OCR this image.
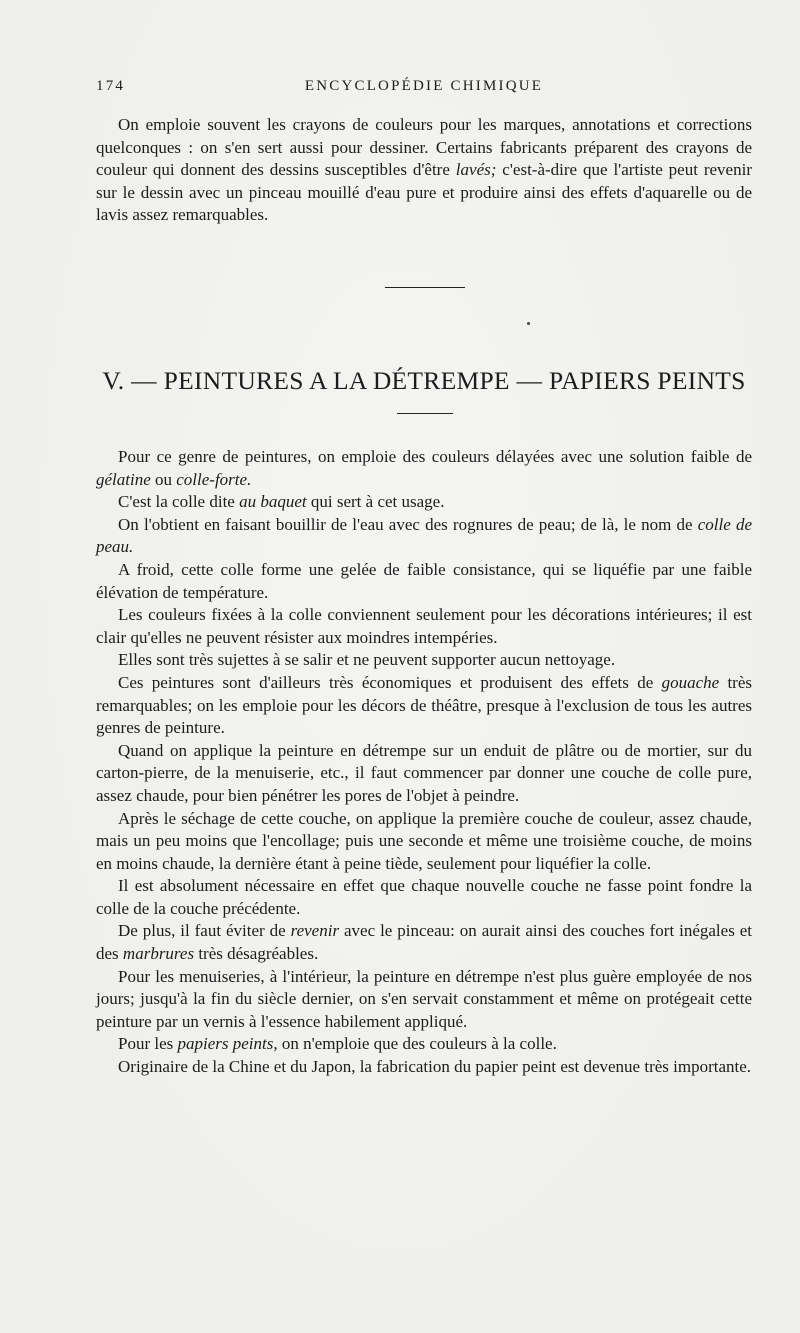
174	ENCYCLOPÉDIE CHIMIQUE

On emploie souvent les crayons de couleurs pour les marques, annotations et corrections quelconques : on s'en sert aussi pour dessiner. Certains fabricants préparent des crayons de couleur qui donnent des dessins susceptibles d'être lavés; c'est-à-dire que l'artiste peut revenir sur le dessin avec un pinceau mouillé d'eau pure et produire ainsi des effets d'aquarelle ou de lavis assez remarquables.

V. — PEINTURES A LA DÉTREMPE — PAPIERS PEINTS

Pour ce genre de peintures, on emploie des couleurs délayées avec une solution faible de gélatine ou colle-forte.

C'est la colle dite au baquet qui sert à cet usage.

On l'obtient en faisant bouillir de l'eau avec des rognures de peau; de là, le nom de colle de peau.

A froid, cette colle forme une gelée de faible consistance, qui se liquéfie par une faible élévation de température.

Les couleurs fixées à la colle conviennent seulement pour les décorations intérieures; il est clair qu'elles ne peuvent résister aux moindres intempéries.

Elles sont très sujettes à se salir et ne peuvent supporter aucun nettoyage.

Ces peintures sont d'ailleurs très économiques et produisent des effets de gouache très remarquables; on les emploie pour les décors de théâtre, presque à l'exclusion de tous les autres genres de peinture.

Quand on applique la peinture en détrempe sur un enduit de plâtre ou de mortier, sur du carton-pierre, de la menuiserie, etc., il faut commencer par donner une couche de colle pure, assez chaude, pour bien pénétrer les pores de l'objet à peindre.

Après le séchage de cette couche, on applique la première couche de couleur, assez chaude, mais un peu moins que l'encollage; puis une seconde et même une troisième couche, de moins en moins chaude, la dernière étant à peine tiède, seulement pour liquéfier la colle.

Il est absolument nécessaire en effet que chaque nouvelle couche ne fasse point fondre la colle de la couche précédente.

De plus, il faut éviter de revenir avec le pinceau: on aurait ainsi des couches fort inégales et des marbrures très désagréables.

Pour les menuiseries, à l'intérieur, la peinture en détrempe n'est plus guère employée de nos jours; jusqu'à la fin du siècle dernier, on s'en servait constamment et même on protégeait cette peinture par un vernis à l'essence habilement appliqué.

Pour les papiers peints, on n'emploie que des couleurs à la colle.

Originaire de la Chine et du Japon, la fabrication du papier peint est devenue très importante.
